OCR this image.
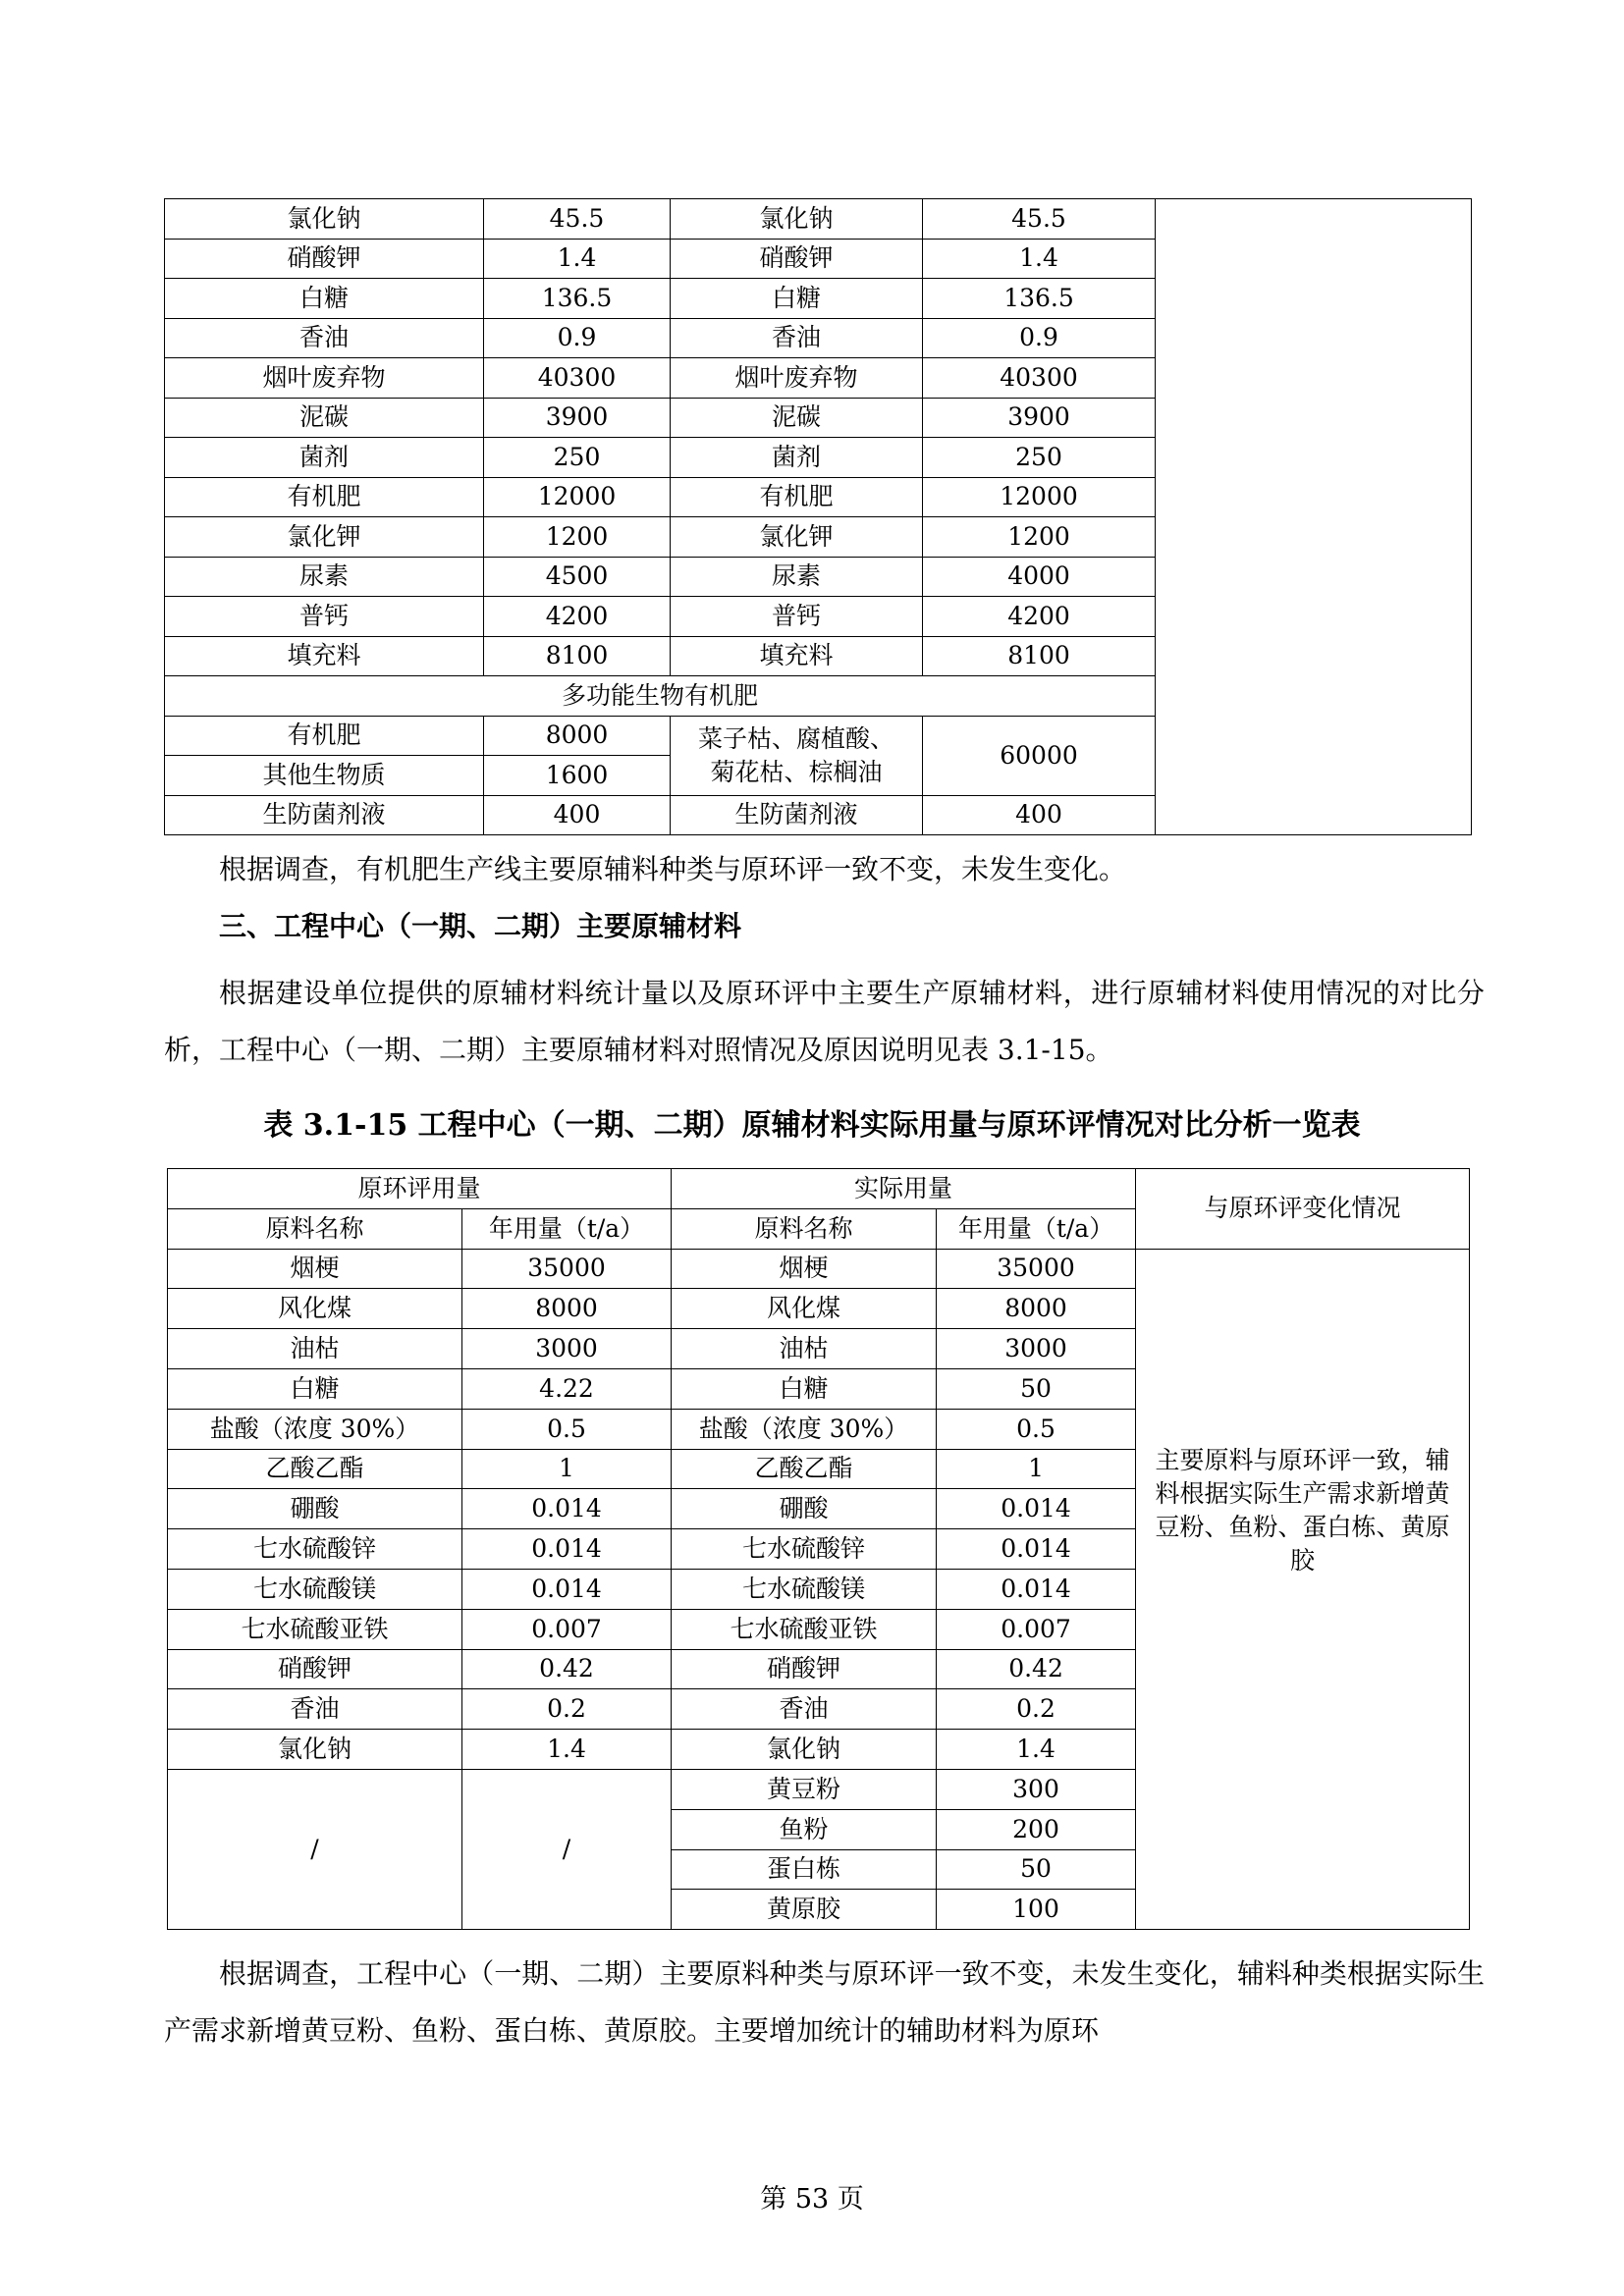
氯化钠	45.5	氯化钠	45.5	
硝酸钾	1.4	硝酸钾	1.4	
白糖	136.5	白糖	136.5	
香油	0.9	香油	0.9	
烟叶废弃物	40300	烟叶废弃物	40300	
泥碳	3900	泥碳	3900	
菌剂	250	菌剂	250	
有机肥	12000	有机肥	12000	
氯化钾	1200	氯化钾	1200	
尿素	4500	尿素	4000	
普钙	4200	普钙	4200	
填充料	8100	填充料	8100	
多功能生物有机肥				
有机肥	8000	菜子枯、腐植酸、菊花枯、棕榈油	60000	
其他生物质	1600			
生防菌剂液	400	生防菌剂液	400	

根据调查，有机肥生产线主要原辅料种类与原环评一致不变，未发生变化。

三、工程中心（一期、二期）主要原辅材料

根据建设单位提供的原辅材料统计量以及原环评中主要生产原辅材料，进行原辅材料使用情况的对比分析，工程中心（一期、二期）主要原辅材料对照情况及原因说明见表 3.1-15。

表 3.1-15 工程中心（一期、二期）原辅材料实际用量与原环评情况对比分析一览表
原环评用量		实际用量		与原环评变化情况
原料名称	年用量（t/a）	原料名称	年用量（t/a）	
烟梗	35000	烟梗	35000	主要原料与原环评一致，辅料根据实际生产需求新增黄豆粉、鱼粉、蛋白栋、黄原胶

风化煤	8000	风化煤	8000	
油枯	3000	油枯	3000	
白糖	4.22	白糖	50	
盐酸（浓度 30%）	0.5	盐酸（浓度 30%）	0.5	
乙酸乙酯	1	乙酸乙酯	1	
硼酸	0.014	硼酸	0.014	
七水硫酸锌	0.014	七水硫酸锌	0.014	
七水硫酸镁	0.014	七水硫酸镁	0.014	
七水硫酸亚铁	0.007	七水硫酸亚铁	0.007	
硝酸钾	0.42	硝酸钾	0.42	
香油	0.2	香油	0.2	
氯化钠	1.4	氯化钠	1.4	
/	/	黄豆粉	300	
		鱼粉	200	
		蛋白栋	50	
		黄原胶	100	

根据调查，工程中心（一期、二期）主要原料种类与原环评一致不变，未发生变化，辅料种类根据实际生产需求新增黄豆粉、鱼粉、蛋白栋、黄原胶。主要增加统计的辅助材料为原环

第 53 页
